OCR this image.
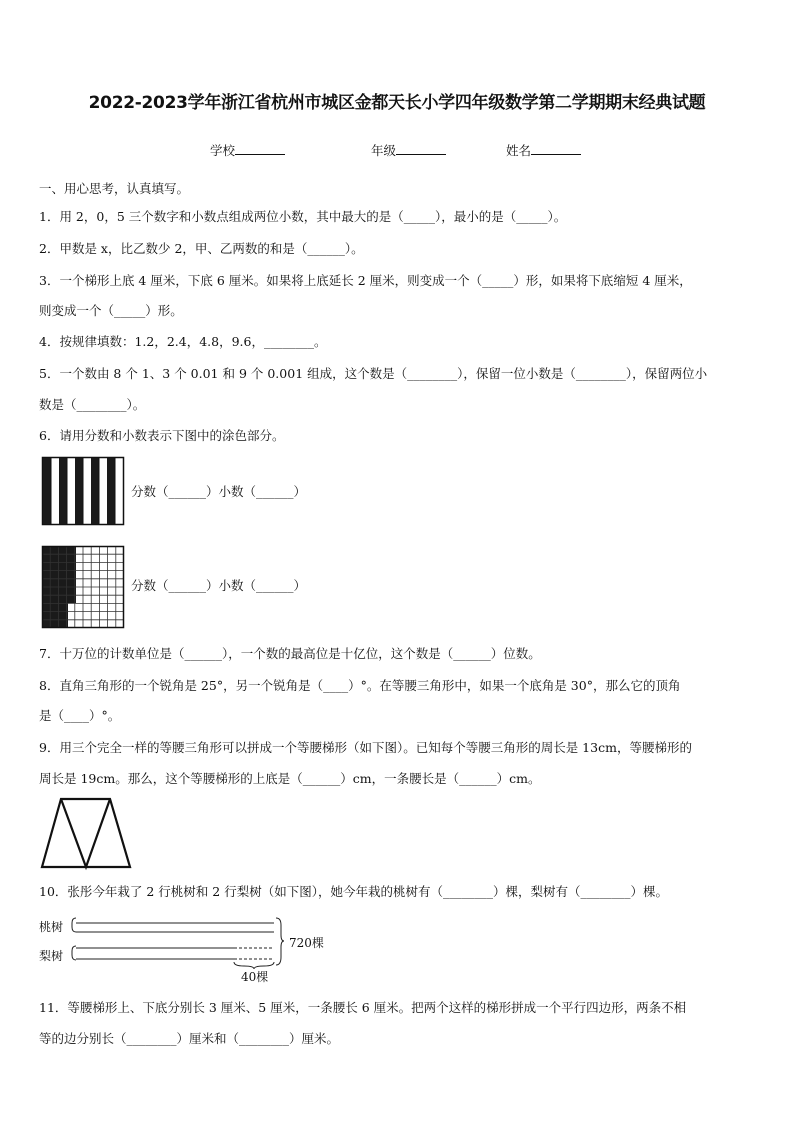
2022-2023学年浙江省杭州市城区金都天长小学四年级数学第二学期期末经典试题
学校	年级	姓名
一、用心思考，认真填写。
1．用 2，0，5 三个数字和小数点组成两位小数，其中最大的是（_____），最小的是（_____）。
2．甲数是 x，比乙数少 2，甲、乙两数的和是（______）。
3．一个梯形上底 4 厘米，下底 6 厘米。如果将上底延长 2 厘米，则变成一个（_____）形，如果将下底缩短 4 厘米，
则变成一个（_____）形。
4．按规律填数：1.2，2.4，4.8，9.6，________。
5．一个数由 8 个 1、3 个 0.01 和 9 个 0.001 组成，这个数是（________），保留一位小数是（________），保留两位小
数是（________）。
6．请用分数和小数表示下图中的涂色部分。
分数（______）小数（______）
分数（______）小数（______）
7．十万位的计数单位是（______），一个数的最高位是十亿位，这个数是（______）位数。
8．直角三角形的一个锐角是 25°，另一个锐角是（____）°。在等腰三角形中，如果一个底角是 30°，那么它的顶角
是（____）°。
9．用三个完全一样的等腰三角形可以拼成一个等腰梯形（如下图）。已知每个等腰三角形的周长是 13cm，等腰梯形的
周长是 19cm。那么，这个等腰梯形的上底是（______）cm，一条腰长是（______）cm。
10．张彤今年栽了 2 行桃树和 2 行梨树（如下图），她今年栽的桃树有（________）棵，梨树有（________）棵。
桃树
梨树
720棵
40棵
11．等腰梯形上、下底分别长 3 厘米、5 厘米，一条腰长 6 厘米。把两个这样的梯形拼成一个平行四边形，两条不相
等的边分别长（________）厘米和（________）厘米。
